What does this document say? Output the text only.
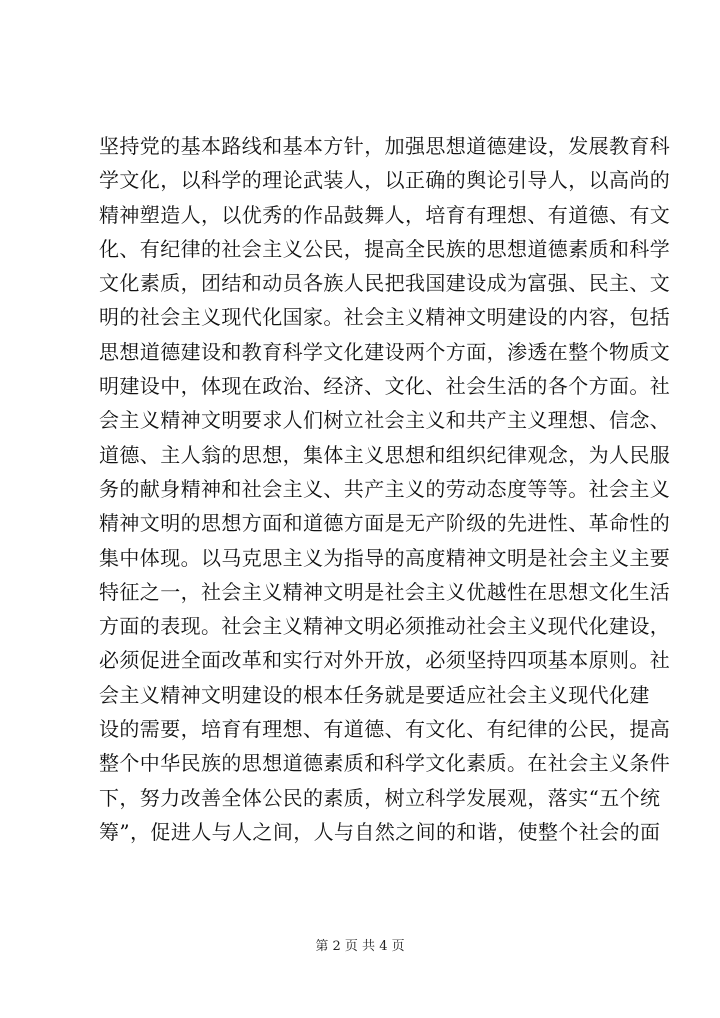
坚持党的基本路线和基本方针，加强思想道德建设，发展教育科
学文化，以科学的理论武装人，以正确的舆论引导人，以高尚的
精神塑造人，以优秀的作品鼓舞人，培育有理想、有道德、有文
化、有纪律的社会主义公民，提高全民族的思想道德素质和科学
文化素质，团结和动员各族人民把我国建设成为富强、民主、文
明的社会主义现代化国家。社会主义精神文明建设的内容，包括
思想道德建设和教育科学文化建设两个方面，渗透在整个物质文
明建设中，体现在政治、经济、文化、社会生活的各个方面。社
会主义精神文明要求人们树立社会主义和共产主义理想、信念、
道德、主人翁的思想，集体主义思想和组织纪律观念，为人民服
务的献身精神和社会主义、共产主义的劳动态度等等。社会主义
精神文明的思想方面和道德方面是无产阶级的先进性、革命性的
集中体现。以马克思主义为指导的高度精神文明是社会主义主要
特征之一，社会主义精神文明是社会主义优越性在思想文化生活
方面的表现。社会主义精神文明必须推动社会主义现代化建设，
必须促进全面改革和实行对外开放，必须坚持四项基本原则。社
会主义精神文明建设的根本任务就是要适应社会主义现代化建
设的需要，培育有理想、有道德、有文化、有纪律的公民，提高
整个中华民族的思想道德素质和科学文化素质。在社会主义条件
下，努力改善全体公民的素质，树立科学发展观，落实“五个统
筹”，促进人与人之间，人与自然之间的和谐，使整个社会的面
第 2 页 共 4 页
